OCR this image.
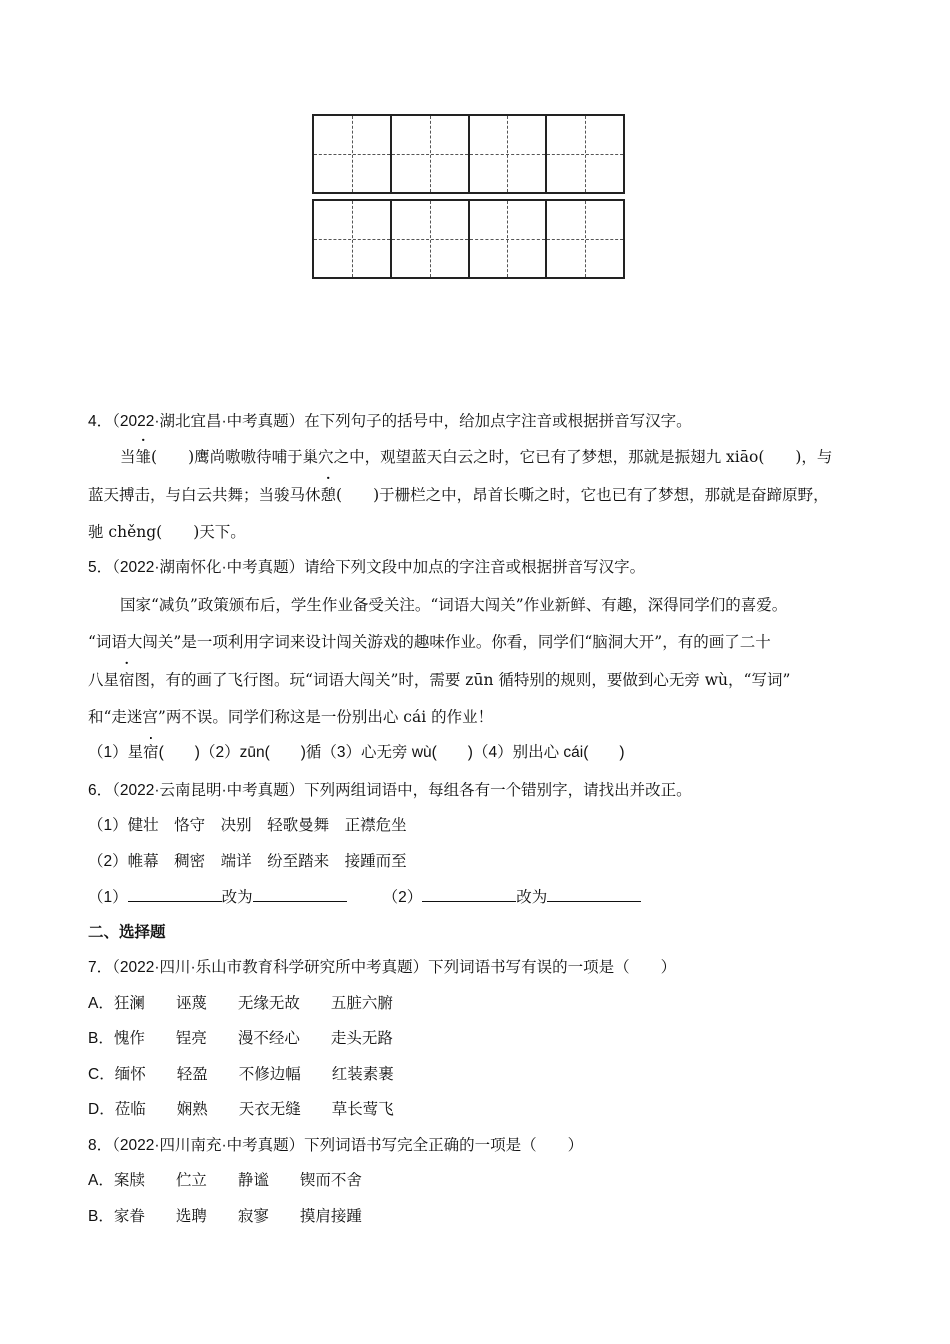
4．（2022·湖北宜昌·中考真题）在下列句子的括号中，给加点字注音或根据拼音写汉字。
当雏(　　)鹰尚嗷嗷待哺于巢穴之中，观望蓝天白云之时，它已有了梦想，那就是振翅九 xiāo(　　)，与
蓝天搏击，与白云共舞；当骏马休憩(　　)于栅栏之中，昂首长嘶之时，它也已有了梦想，那就是奋蹄原野，
驰 chěng(　　)天下。
5．（2022·湖南怀化·中考真题）请给下列文段中加点的字注音或根据拼音写汉字。
国家“减负”政策颁布后，学生作业备受关注。“词语大闯关”作业新鲜、有趣，深得同学们的喜爱。
“词语大闯关”是一项利用字词来设计闯关游戏的趣味作业。你看，同学们“脑洞大开”，有的画了二十
八星宿图，有的画了飞行图。玩“词语大闯关”时，需要 zūn 循特别的规则，要做到心无旁 wù，“写词”
和“走迷宫”两不误。同学们称这是一份别出心 cái 的作业！
（1）星宿(　　)（2）zūn(　　)循（3）心无旁 wù(　　)（4）别出心 cái(　　)
6．（2022·云南昆明·中考真题）下列两组词语中，每组各有一个错别字，请找出并改正。
（1）健壮　恪守　决别　轻歌曼舞　正襟危坐
（2）帷幕　稠密　端详　纷至踏来　接踵而至
（1）	改为	（2）	改为
二、选择题
7．（2022·四川·乐山市教育科学研究所中考真题）下列词语书写有误的一项是（　　）
A．狂澜　　诬蔑　　无缘无故　　五脏六腑
B．愧作　　锃亮　　漫不经心　　走头无路
C．缅怀　　轻盈　　不修边幅　　红装素裹
D．莅临　　娴熟　　天衣无缝　　草长莺飞
8．（2022·四川南充·中考真题）下列词语书写完全正确的一项是（　　）
A．案牍　　伫立　　静谧　　锲而不舍
B．家眷　　选聘　　寂寥　　摸肩接踵
